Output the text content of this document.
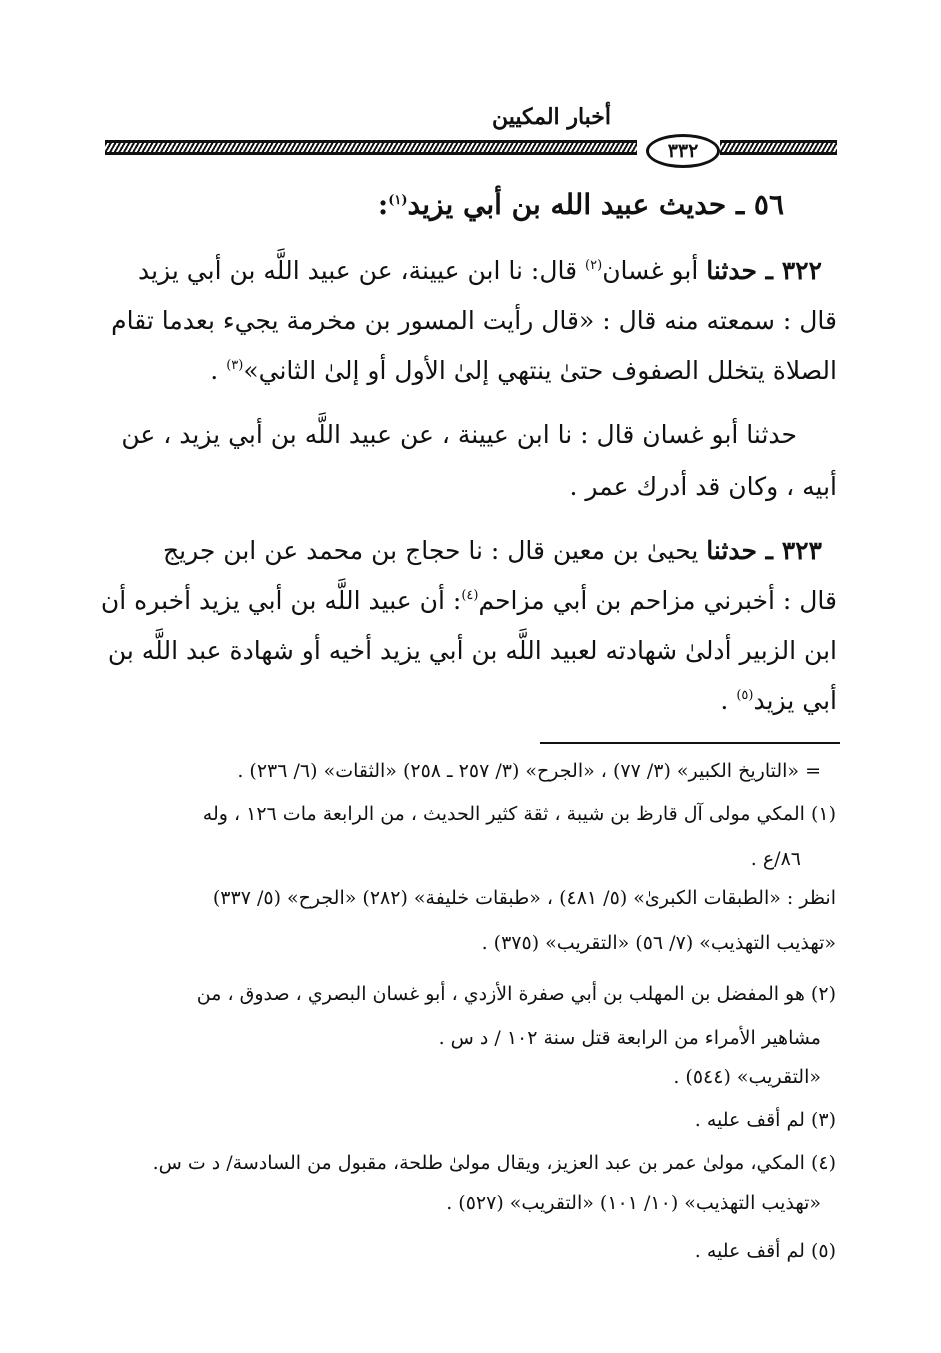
أخبار المكيين
٣٣٢
٥٦ ـ حديث عبيد الله بن أبي يزيد$^{(١)}$:
٣٢٢ ـ حدثنا أبو غسان$^{(٢)}$ قال: نا ابن عيينة، عن عبيد اللَّه بن أبي يزيد
قال : سمعته منه قال : «قال رأيت المسور بن مخرمة يجيء بعدما تقام
الصلاة يتخلل الصفوف حتىٰ ينتهي إلىٰ الأول أو إلىٰ الثاني»$^{(٣)}$ .
حدثنا أبو غسان قال : نا ابن عيينة ، عن عبيد اللَّه بن أبي يزيد ، عن
أبيه ، وكان قد أدرك عمر .
٣٢٣ ـ حدثنا يحيىٰ بن معين قال : نا حجاج بن محمد عن ابن جريج
قال : أخبرني مزاحم بن أبي مزاحم$^{(٤)}$: أن عبيد اللَّه بن أبي يزيد أخبره أن
ابن الزبير أدلىٰ شهادته لعبيد اللَّه بن أبي يزيد أخيه أو شهادة عبد اللَّه بن
أبي يزيد$^{(٥)}$ .
= «التاريخ الكبير» (٣/ ٧٧) ، «الجرح» (٣/ ٢٥٧ ـ ٢٥٨) «الثقات» (٦/ ٢٣٦) .
(١) المكي مولى آل قارظ بن شيبة ، ثقة كثير الحديث ، من الرابعة مات ١٢٦ ، وله
٨٦/ع .
انظر : «الطبقات الكبرىٰ» (٥/ ٤٨١) ، «طبقات خليفة» (٢٨٢) «الجرح» (٥/ ٣٣٧)
«تهذيب التهذيب» (٧/ ٥٦) «التقريب» (٣٧٥) .
(٢) هو المفضل بن المهلب بن أبي صفرة الأزدي ، أبو غسان البصري ، صدوق ، من
مشاهير الأمراء من الرابعة قتل سنة ١٠٢ / د س .
«التقريب» (٥٤٤) .
(٣) لم أقف عليه .
(٤) المكي، مولىٰ عمر بن عبد العزيز، ويقال مولىٰ طلحة، مقبول من السادسة/ د ت س.
«تهذيب التهذيب» (١٠/ ١٠١) «التقريب» (٥٢٧) .
(٥) لم أقف عليه .
